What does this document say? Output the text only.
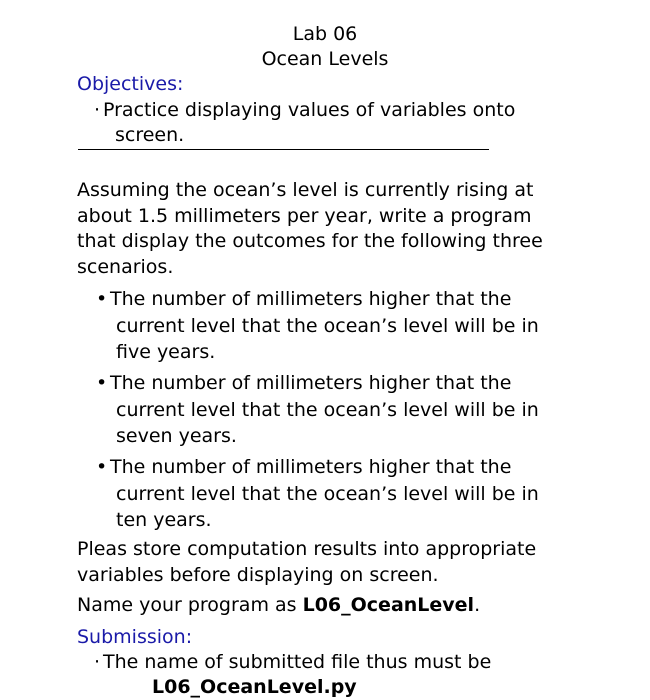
Lab 06
Ocean Levels
Objectives:
· Practice displaying values of variables onto
screen.
Assuming the ocean’s level is currently rising at
about 1.5 millimeters per year, write a program
that display the outcomes for the following three
scenarios.
• The number of millimeters higher that the
current level that the ocean’s level will be in
five years.
• The number of millimeters higher that the
current level that the ocean’s level will be in
seven years.
• The number of millimeters higher that the
current level that the ocean’s level will be in
ten years.
Pleas store computation results into appropriate
variables before displaying on screen.
Name your program as L06_OceanLevel.
Submission:
· The name of submitted file thus must be
L06_OceanLevel.py
